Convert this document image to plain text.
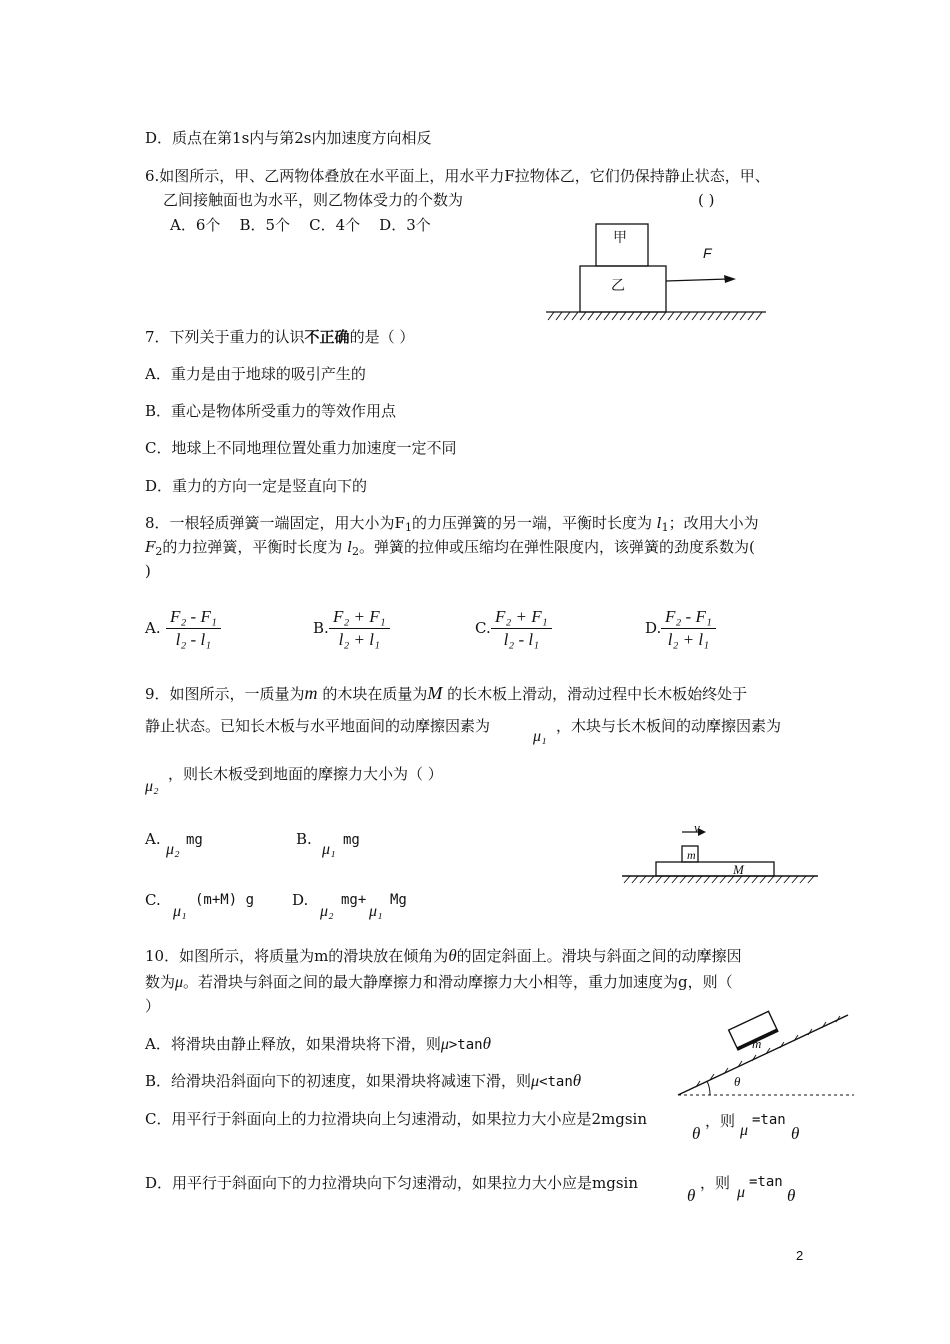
D．质点在第1s内与第2s内加速度方向相反
6.如图所示，甲、乙两物体叠放在水平面上，用水平力F拉物体乙，它们仍保持静止状态，甲、
乙间接触面也为水平，则乙物体受力的个数为	( )
A．6个    B．5个    C．4个    D．3个
甲
乙
F
7．下列关于重力的认识不正确的是（ ）
A．重力是由于地球的吸引产生的
B．重心是物体所受重力的等效作用点
C．地球上不同地理位置处重力加速度一定不同
D．重力的方向一定是竖直向下的
8．一根轻质弹簧一端固定，用大小为$F_1$的力压弹簧的另一端，平衡时长度为 $l_1$；改用大小为
$F_2$的力拉弹簧，平衡时长度为 $l_2$。弹簧的拉伸或压缩均在弹性限度内，该弹簧的劲度系数为(
)
A. $\frac{\text{F₂ - F₁}}{\text{l₂ - l₁}}$	B. $\frac{\text{F₂ + F₁}}{\text{l₂ + l₁}}$	C. $\frac{\text{F₂ + F₁}}{\text{l₂ - l₁}}$	D. $\frac{\text{F₂ - F₁}}{\text{l₂ + l₁}}$
9．如图所示，一质量为m 的木块在质量为M 的长木板上滑动，滑动过程中长木板始终处于
静止状态。已知长木板与水平地面间的动摩擦因素为
μ₁
，木块与长木板间的动摩擦因素为
μ₂
，则长木板受到地面的摩擦力大小为（ ）
A.
μ₂
mg	B.
μ₁
mg
C.
μ₁
(m+M) g	D.
μ₂
mg+
μ₁
Mg
v
m
M
10．如图所示，将质量为m的滑块放在倾角为θ的固定斜面上。滑块与斜面之间的动摩擦因
数为μ。若滑块与斜面之间的最大静摩擦力和滑动摩擦力大小相等，重力加速度为g，则（
）
A．将滑块由静止释放，如果滑块将下滑，则μ>tanθ
B．给滑块沿斜面向下的初速度，如果滑块将减速下滑，则μ<tanθ
C．用平行于斜面向上的力拉滑块向上匀速滑动，如果拉力大小应是2mgsin
θ
，则
μ
=tan
θ
D．用平行于斜面向下的力拉滑块向下匀速滑动，如果拉力大小应是mgsin
θ
，则
μ
=tan
θ
m
θ
2
